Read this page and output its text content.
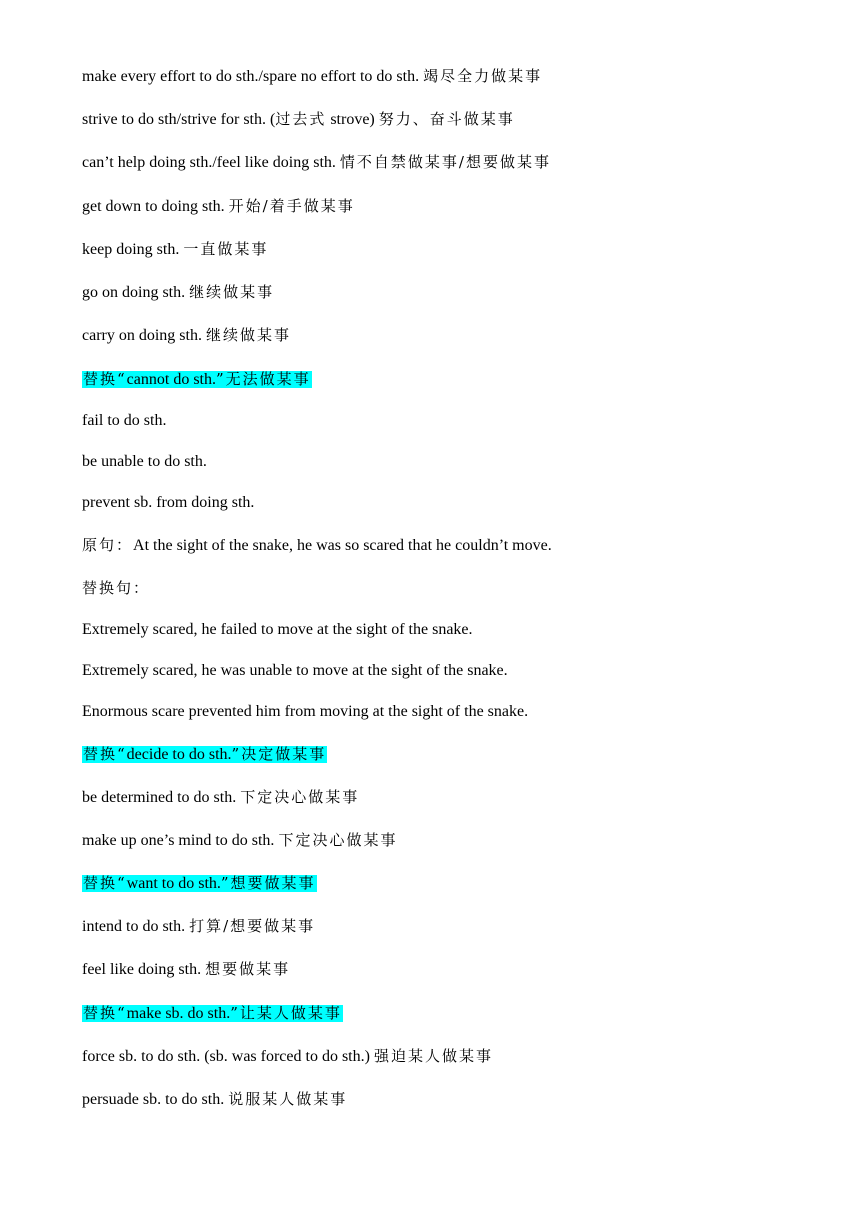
make every effort to do sth./spare no effort to do sth. 竭尽全力做某事
strive to do sth/strive for sth. (过去式 strove) 努力、奋斗做某事
can’t help doing sth./feel like doing sth. 情不自禁做某事/想要做某事
get down to doing sth. 开始/着手做某事
keep doing sth. 一直做某事
go on doing sth. 继续做某事
carry on doing sth. 继续做某事
替换“cannot do sth.”无法做某事
fail to do sth.
be unable to do sth.
prevent sb. from doing sth.
原句：At the sight of the snake, he was so scared that he couldn’t move.
替换句：
Extremely scared, he failed to move at the sight of the snake.
Extremely scared, he was unable to move at the sight of the snake.
Enormous scare prevented him from moving at the sight of the snake.
替换“decide to do sth.”决定做某事
be determined to do sth. 下定决心做某事
make up one’s mind to do sth. 下定决心做某事
替换“want to do sth.”想要做某事
intend to do sth. 打算/想要做某事
feel like doing sth. 想要做某事
替换“make sb. do sth.”让某人做某事
force sb. to do sth. (sb. was forced to do sth.) 强迫某人做某事
persuade sb. to do sth. 说服某人做某事
